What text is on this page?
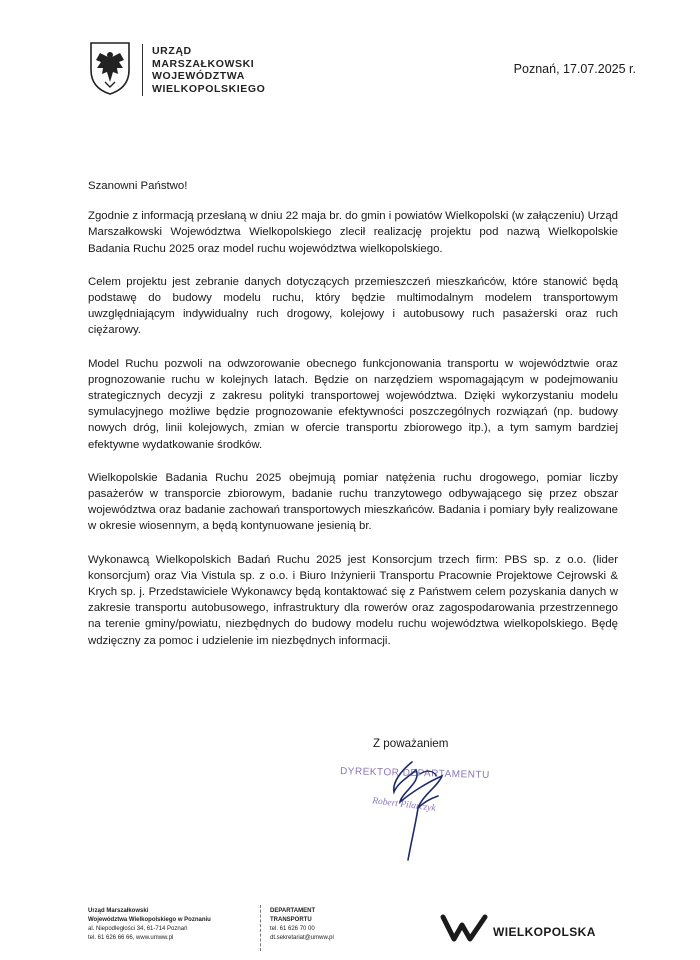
URZĄD
MARSZAŁKOWSKI
WOJEWÓDZTWA
WIELKOPOLSKIEGO
Poznań, 17.07.2025 r.

Szanowni Państwo!

Zgodnie z informacją przesłaną w dniu 22 maja br. do gmin i powiatów Wielkopolski (w załączeniu) Urząd Marszałkowski Województwa Wielkopolskiego zlecił realizację projektu pod nazwą Wielkopolskie Badania Ruchu 2025 oraz model ruchu województwa wielkopolskiego.

Celem projektu jest zebranie danych dotyczących przemieszczeń mieszkańców, które stanowić będą podstawę do budowy modelu ruchu, który będzie multimodalnym modelem transportowym uwzględniającym indywidualny ruch drogowy, kolejowy i autobusowy ruch pasażerski oraz ruch ciężarowy.

Model Ruchu pozwoli na odwzorowanie obecnego funkcjonowania transportu w województwie oraz prognozowanie ruchu w kolejnych latach. Będzie on narzędziem wspomagającym w podejmowaniu strategicznych decyzji z zakresu polityki transportowej województwa. Dzięki wykorzystaniu modelu symulacyjnego możliwe będzie prognozowanie efektywności poszczególnych rozwiązań (np. budowy nowych dróg, linii kolejowych, zmian w ofercie transportu zbiorowego itp.), a tym samym bardziej efektywne wydatkowanie środków.

Wielkopolskie Badania Ruchu 2025 obejmują pomiar natężenia ruchu drogowego, pomiar liczby pasażerów w transporcie zbiorowym, badanie ruchu tranzytowego odbywającego się przez obszar województwa oraz badanie zachowań transportowych mieszkańców. Badania i pomiary były realizowane w okresie wiosennym, a będą kontynuowane jesienią br.

Wykonawcą Wielkopolskich Badań Ruchu 2025 jest Konsorcjum trzech firm: PBS sp. z o.o. (lider konsorcjum) oraz Via Vistula sp. z o.o. i Biuro Inżynierii Transportu Pracownie Projektowe Cejrowski & Krych sp. j. Przedstawiciele Wykonawcy będą kontaktować się z Państwem celem pozyskania danych w zakresie transportu autobusowego, infrastruktury dla rowerów oraz zagospodarowania przestrzennego na terenie gminy/powiatu, niezbędnych do budowy modelu ruchu województwa wielkopolskiego. Będę wdzięczny za pomoc i udzielenie im niezbędnych informacji.

Z poważaniem
DYREKTOR DEPARTAMENTU
Robert Pilarczyk
Urząd Marszałkowski
Województwa Wielkopolskiego w Poznaniu
al. Niepodległości 34, 61-714 Poznań
tel. 61 626 66 66, www.umww.pl
DEPARTAMENT
TRANSPORTU
tel. 61 626 70 00
dt.sekretariat@umww.pl	WIELKOPOLSKA
